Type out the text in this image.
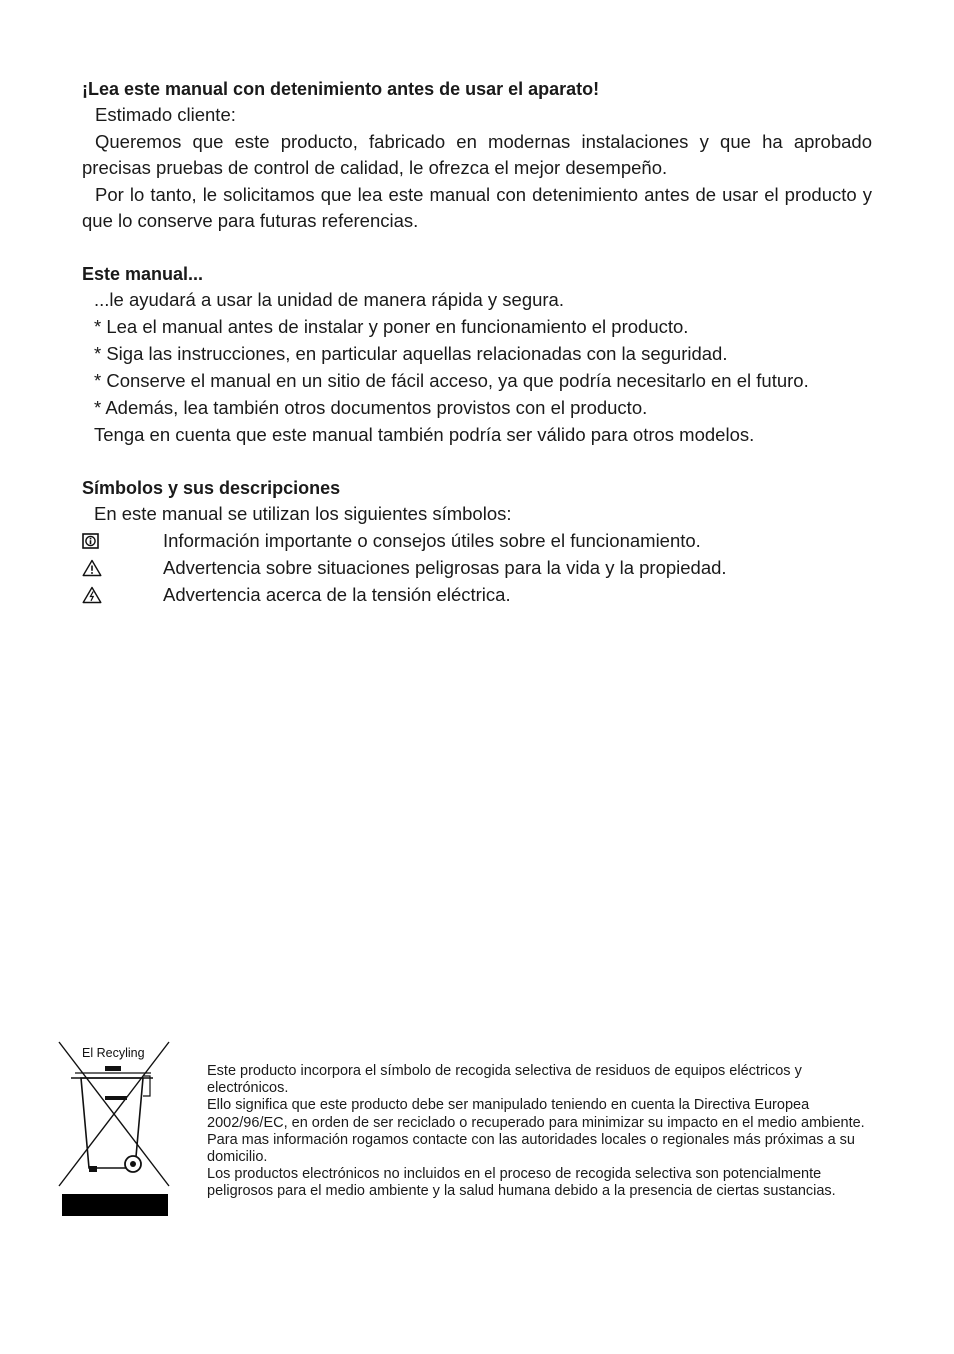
¡Lea este manual con detenimiento antes de usar el aparato!

Estimado cliente:

Queremos que este producto, fabricado en modernas instalaciones y que ha aprobado precisas pruebas de control de calidad, le ofrezca el mejor desempeño.

Por lo tanto, le solicitamos que lea este manual con detenimiento antes de usar el producto y que lo conserve para futuras referencias.

Este manual...

...le ayudará a usar la unidad de manera rápida y segura.

* Lea el manual antes de instalar y poner en funcionamiento el producto.

* Siga las instrucciones, en particular aquellas relacionadas con la seguridad.

* Conserve el manual en un sitio de fácil acceso, ya que podría necesitarlo en el futuro.

* Además, lea también otros documentos provistos con el producto.

Tenga en cuenta que este manual también podría ser válido para otros modelos.

Símbolos y sus descripciones

En este manual se utilizan los siguientes símbolos:

Información importante o consejos útiles sobre el funcionamiento.
Advertencia sobre situaciones peligrosas para la vida y la propiedad.
Advertencia acerca de la tensión eléctrica.
El Recyling

Este producto incorpora el símbolo de recogida selectiva de residuos de equipos eléctricos y electrónicos.

Ello significa que este producto debe ser manipulado teniendo en cuenta la Directiva Europea 2002/96/EC, en orden de ser reciclado o recuperado para minimizar su impacto en el medio ambiente. Para mas información rogamos contacte con las autoridades locales o regionales más próximas a su domicilio.

Los productos electrónicos no incluidos en el proceso de recogida selectiva son potencialmente peligrosos para el medio ambiente y la salud humana debido a la presencia de ciertas sustancias.
